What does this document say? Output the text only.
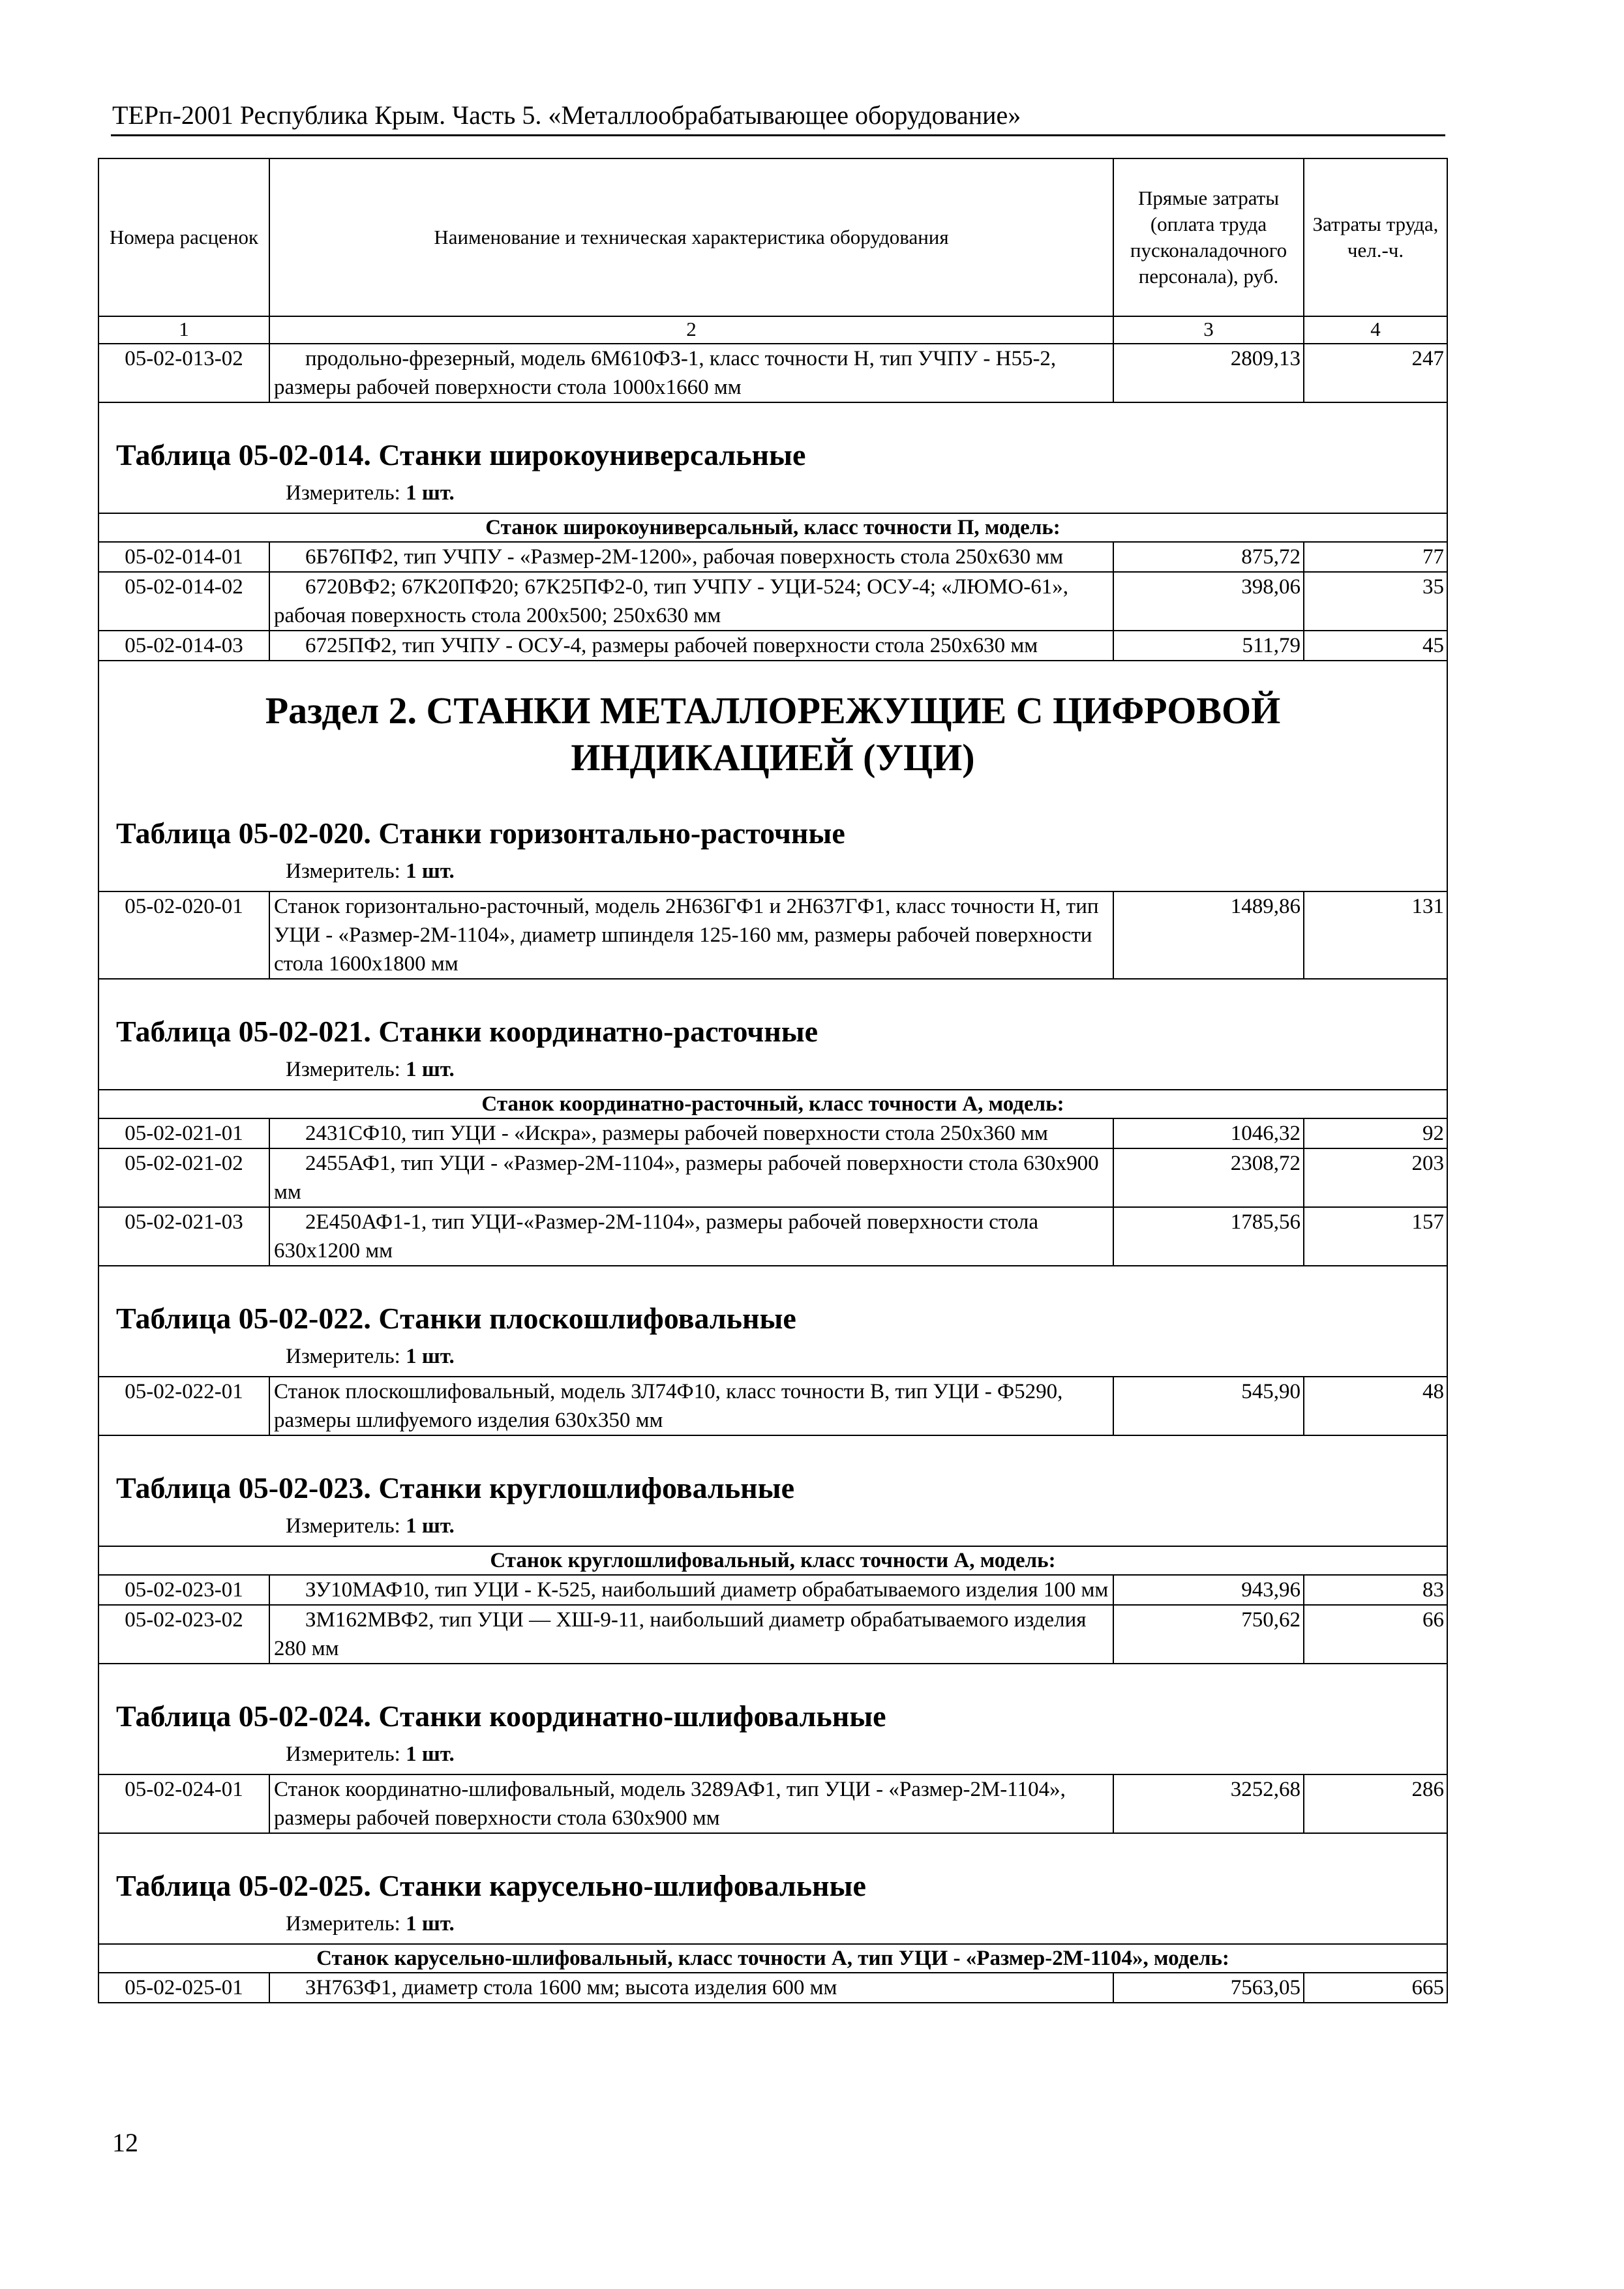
ТЕРп-2001 Республика Крым. Часть 5. «Металлообрабатывающее оборудование»
Номера расценок	Наименование и техническая характеристика оборудования	Прямые затраты (оплата труда пусконаладочного персонала), руб.	Затраты труда, чел.-ч.
1	2	3	4
05-02-013-02	продольно-фрезерный, модель 6М610ФЗ-1, класс точности Н, тип УЧПУ - Н55-2, размеры рабочей поверхности стола 1000х1660 мм	2809,13	247

Таблица 05-02-014. Станки широкоуниверсальные
Измеритель: 1 шт.			

Станок широкоуниверсальный, класс точности П, модель:			
05-02-014-01	6Б76ПФ2, тип УЧПУ - «Размер-2М-1200», рабочая поверхность стола 250х630 мм	875,72	77
05-02-014-02	6720ВФ2; 67К20ПФ20; 67К25ПФ2-0, тип УЧПУ - УЦИ-524; ОСУ-4; «ЛЮМО-61», рабочая поверхность стола 200х500; 250х630 мм	398,06	35
05-02-014-03	6725ПФ2, тип УЧПУ - ОСУ-4, размеры рабочей поверхности стола 250х630 мм	511,79	45

Раздел 2. СТАНКИ МЕТАЛЛОРЕЖУЩИЕ С ЦИФРОВОЙ
ИНДИКАЦИЕЙ (УЦИ)
Таблица 05-02-020. Станки горизонтально-расточные
Измеритель: 1 шт.			

05-02-020-01	Станок горизонтально-расточный, модель 2Н636ГФ1 и 2Н637ГФ1, класс точности Н, тип УЦИ - «Размер-2М-1104», диаметр шпинделя 125-160 мм, размеры рабочей поверхности стола 1600х1800 мм	1489,86	131

Таблица 05-02-021. Станки координатно-расточные
Измеритель: 1 шт.			

Станок координатно-расточный, класс точности А, модель:			
05-02-021-01	2431СФ10, тип УЦИ - «Искра», размеры рабочей поверхности стола 250х360 мм	1046,32	92
05-02-021-02	2455АФ1, тип УЦИ - «Размер-2М-1104», размеры рабочей поверхности стола 630х900 мм	2308,72	203
05-02-021-03	2Е450АФ1-1, тип УЦИ-«Размер-2М-1104», размеры рабочей поверхности стола 630х1200 мм	1785,56	157

Таблица 05-02-022. Станки плоскошлифовальные
Измеритель: 1 шт.			

05-02-022-01	Станок плоскошлифовальный, модель ЗЛ74Ф10, класс точности В, тип УЦИ - Ф5290, размеры шлифуемого изделия 630х350 мм	545,90	48

Таблица 05-02-023. Станки круглошлифовальные
Измеритель: 1 шт.			

Станок круглошлифовальный, класс точности А, модель:			
05-02-023-01	ЗУ10МАФ10, тип УЦИ - К-525, наибольший диаметр обрабатываемого изделия 100 мм	943,96	83
05-02-023-02	ЗМ162МВФ2, тип УЦИ — ХШ-9-11, наибольший диаметр обрабатываемого изделия 280 мм	750,62	66

Таблица 05-02-024. Станки координатно-шлифовальные
Измеритель: 1 шт.			

05-02-024-01	Станок координатно-шлифовальный, модель 3289АФ1, тип УЦИ - «Размер-2М-1104», размеры рабочей поверхности стола 630х900 мм	3252,68	286

Таблица 05-02-025. Станки карусельно-шлифовальные
Измеритель: 1 шт.			

Станок карусельно-шлифовальный, класс точности А, тип УЦИ - «Размер-2М-1104», модель:			
05-02-025-01	ЗН763Ф1, диаметр стола 1600 мм; высота изделия 600 мм	7563,05	665
12
